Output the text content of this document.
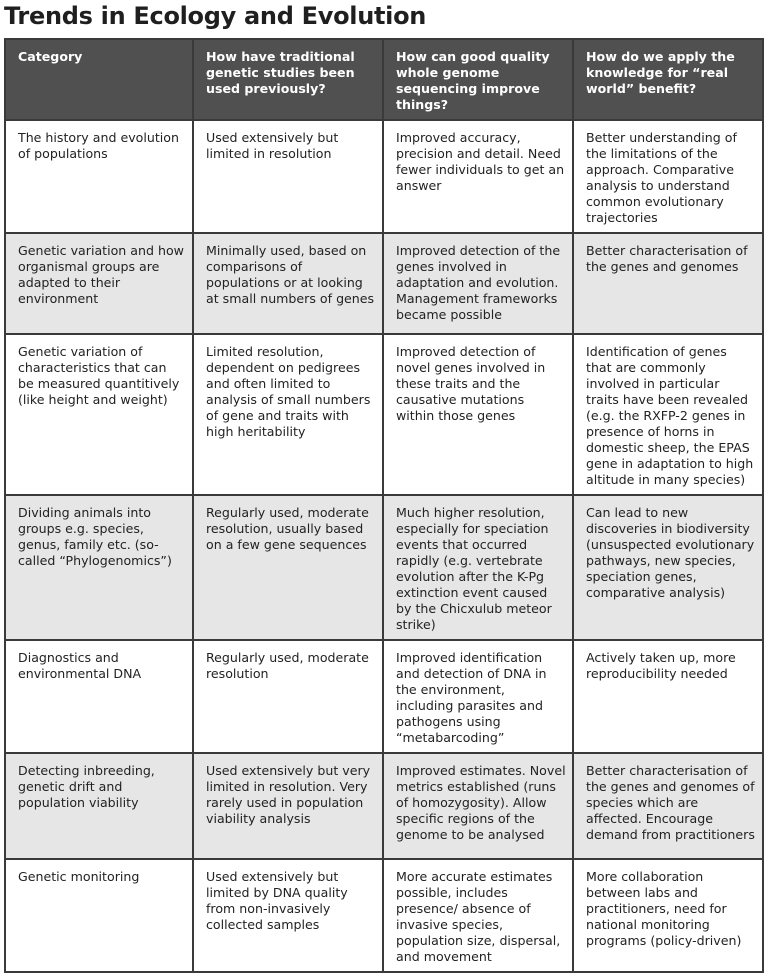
Trends in Ecology and Evolution
Category	How have traditional genetic studies been used previously?	How can good quality whole genome sequencing improve things?	How do we apply the knowledge for “real world” benefit?
The history and evolution of populations	Used extensively but limited in resolution	Improved accuracy, precision and detail. Need fewer individuals to get an answer	Better understanding of the limitations of the approach. Comparative analysis to understand common evolutionary trajectories
Genetic variation and how organismal groups are adapted to their environment	Minimally used, based on comparisons of populations or at looking at small numbers of genes	Improved detection of the genes involved in adaptation and evolution. Management frameworks became possible	Better characterisation of the genes and genomes
Genetic variation of characteristics that can be measured quantitively (like height and weight)	Limited resolution, dependent on pedigrees and often limited to analysis of small numbers of gene and traits with high heritability	Improved detection of novel genes involved in these traits and the causative mutations within those genes	Identification of genes that are commonly involved in particular traits have been revealed (e.g. the RXFP-2 genes in presence of horns in domestic sheep, the EPAS gene in adaptation to high altitude in many species)
Dividing animals into groups e.g. species, genus, family etc. (so-called “Phylogenomics”)	Regularly used, moderate resolution, usually based on a few gene sequences	Much higher resolution, especially for speciation events that occurred rapidly (e.g. vertebrate evolution after the K-Pg extinction event caused by the Chicxulub meteor strike)	Can lead to new discoveries in biodiversity (unsuspected evolutionary pathways, new species, speciation genes, comparative analysis)
Diagnostics and environmental DNA	Regularly used, moderate resolution	Improved identification and detection of DNA in the environment, including parasites and pathogens using “metabarcoding”	Actively taken up, more reproducibility needed
Detecting inbreeding, genetic drift and population viability	Used extensively but very limited in resolution. Very rarely used in population viability analysis	Improved estimates. Novel metrics established (runs of homozygosity). Allow specific regions of the genome to be analysed	Better characterisation of the genes and genomes of species which are affected. Encourage demand from practitioners
Genetic monitoring	Used extensively but limited by DNA quality from non-invasively collected samples	More accurate estimates possible, includes presence/ absence of invasive species, population size, dispersal, and movement	More collaboration between labs and practitioners, need for national monitoring programs (policy-driven)
